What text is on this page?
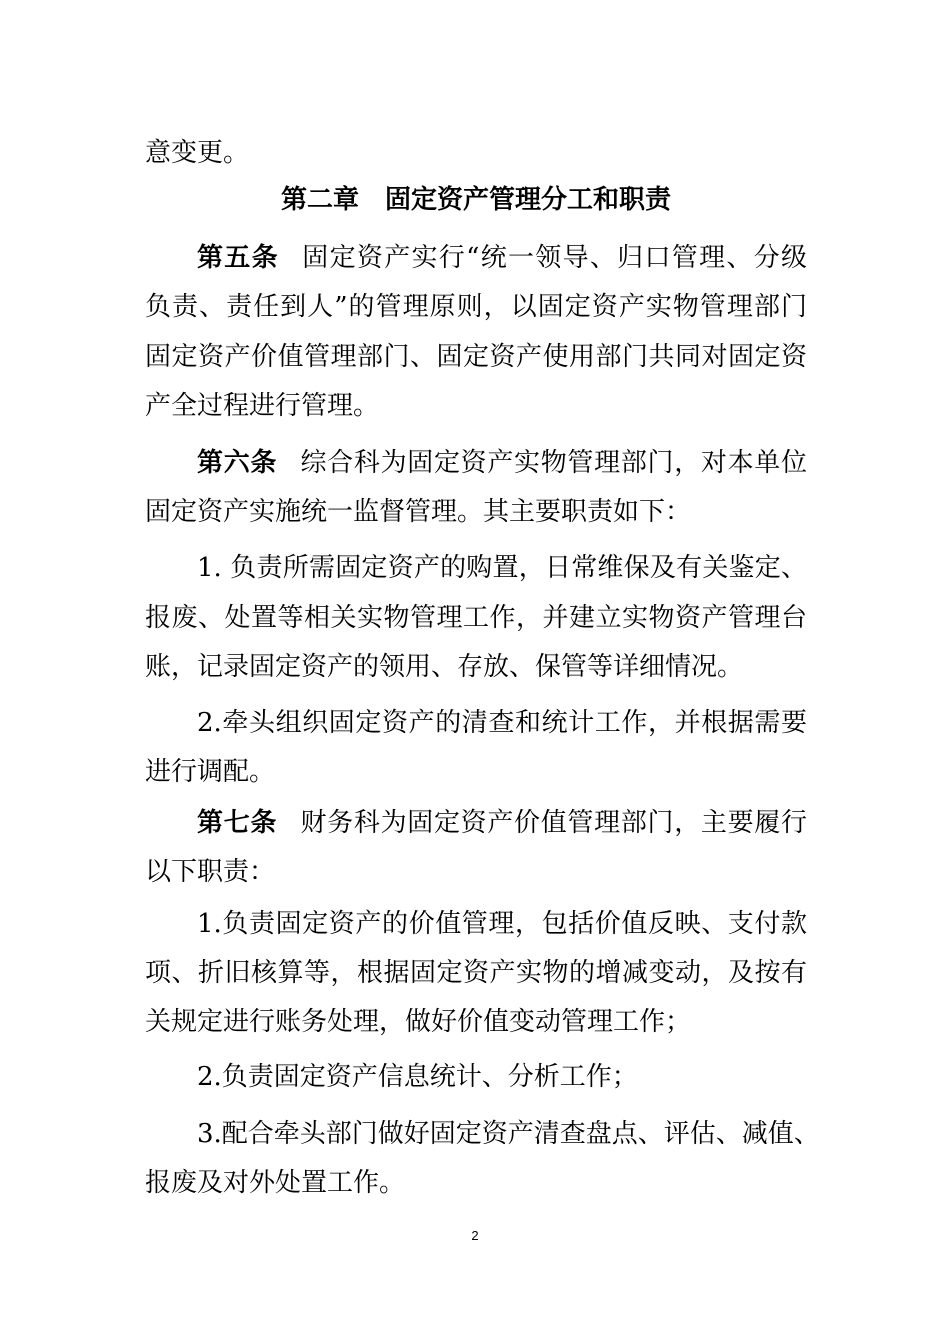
意变更。
第二章　固定资产管理分工和职责
第五条 固定资产实行“统一领导、归口管理、分级
负责、责任到人”的管理原则，以固定资产实物管理部门
固定资产价值管理部门、固定资产使用部门共同对固定资
产全过程进行管理。
第六条 综合科为固定资产实物管理部门，对本单位
固定资产实施统一监督管理。其主要职责如下：
1. 负责所需固定资产的购置，日常维保及有关鉴定、
报废、处置等相关实物管理工作，并建立实物资产管理台
账，记录固定资产的领用、存放、保管等详细情况。
2.牵头组织固定资产的清查和统计工作，并根据需要
进行调配。
第七条 财务科为固定资产价值管理部门，主要履行
以下职责：
1.负责固定资产的价值管理，包括价值反映、支付款
项、折旧核算等，根据固定资产实物的增减变动，及按有
关规定进行账务处理，做好价值变动管理工作；
2.负责固定资产信息统计、分析工作；
3.配合牵头部门做好固定资产清查盘点、评估、减值、
报废及对外处置工作。
2
